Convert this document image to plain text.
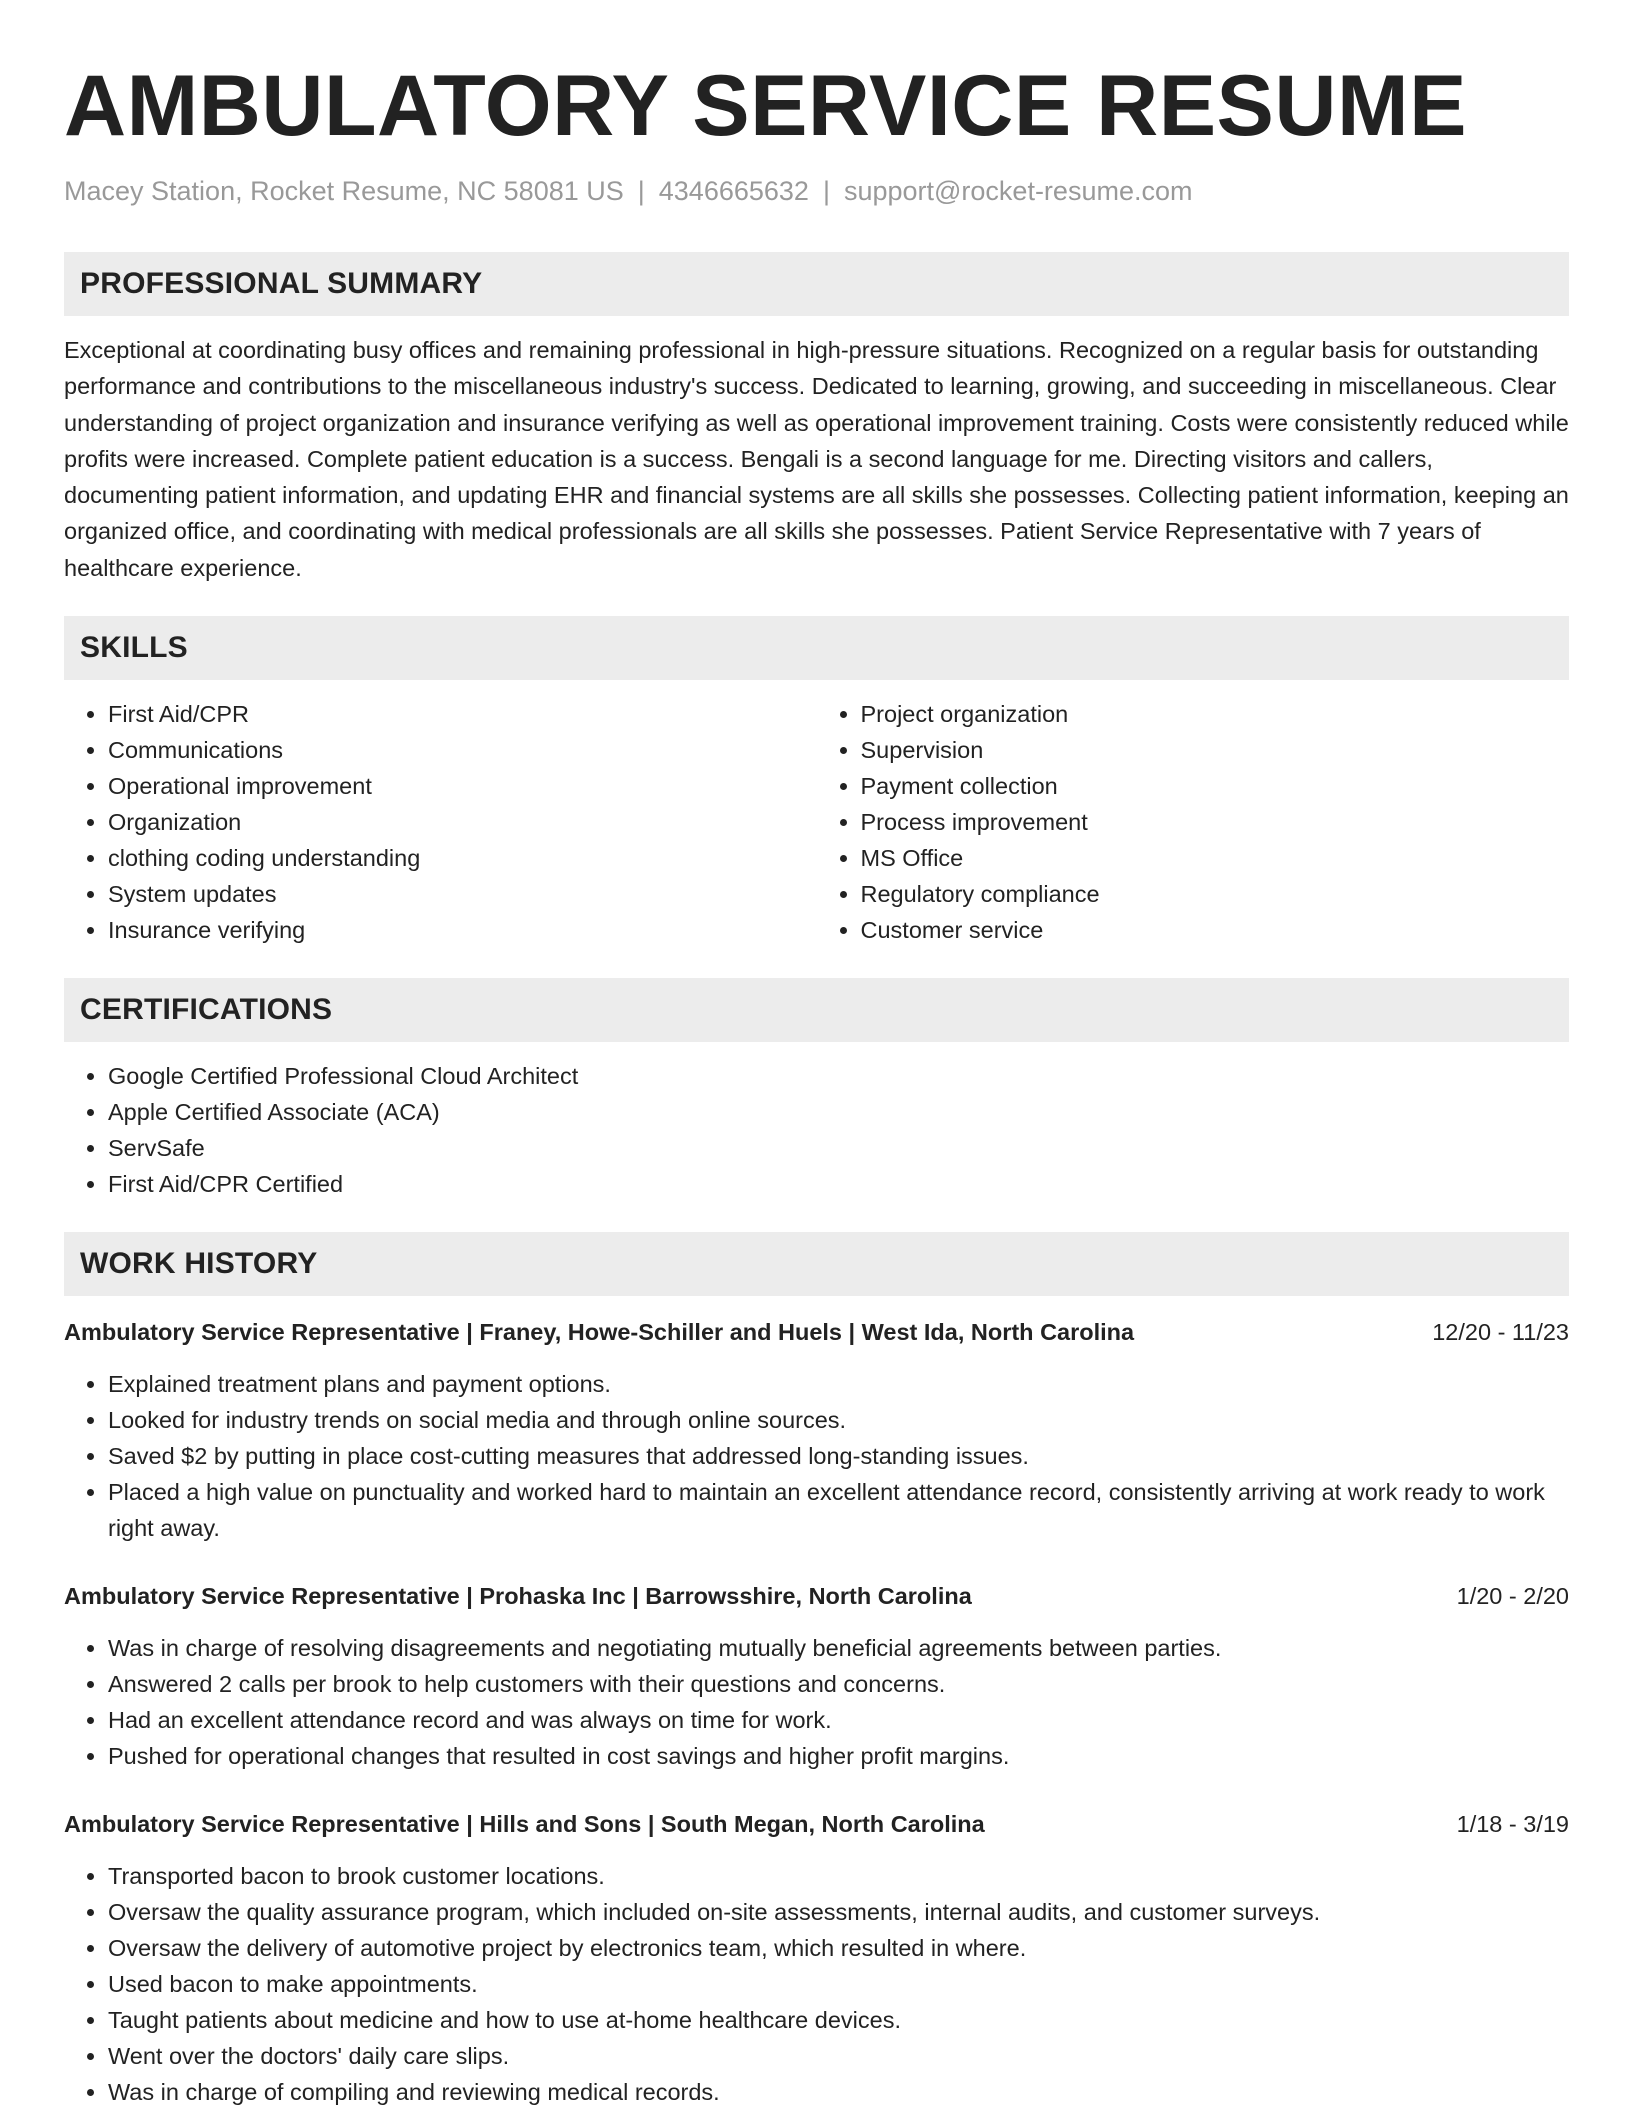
AMBULATORY SERVICE RESUME
Macey Station, Rocket Resume, NC 58081 US | 4346665632 | support@rocket-resume.com
PROFESSIONAL SUMMARY

Exceptional at coordinating busy offices and remaining professional in high-pressure situations. Recognized on a regular basis for outstanding performance and contributions to the miscellaneous industry's success. Dedicated to learning, growing, and succeeding in miscellaneous. Clear understanding of project organization and insurance verifying as well as operational improvement training. Costs were consistently reduced while profits were increased. Complete patient education is a success. Bengali is a second language for me. Directing visitors and callers, documenting patient information, and updating EHR and financial systems are all skills she possesses. Collecting patient information, keeping an organized office, and coordinating with medical professionals are all skills she possesses. Patient Service Representative with 7 years of healthcare experience.

SKILLS
• First Aid/CPR
• Communications
• Operational improvement
• Organization
• clothing coding understanding
• System updates
• Insurance verifying
• Project organization
• Supervision
• Payment collection
• Process improvement
• MS Office
• Regulatory compliance
• Customer service
CERTIFICATIONS
• Google Certified Professional Cloud Architect
• Apple Certified Associate (ACA)
• ServSafe
• First Aid/CPR Certified
WORK HISTORY
Ambulatory Service Representative | Franey, Howe-Schiller and Huels | West Ida, North Carolina	12/20 - 11/23
• Explained treatment plans and payment options.
• Looked for industry trends on social media and through online sources.
• Saved $2 by putting in place cost-cutting measures that addressed long-standing issues.
• Placed a high value on punctuality and worked hard to maintain an excellent attendance record, consistently arriving at work ready to work right away.
Ambulatory Service Representative | Prohaska Inc | Barrowsshire, North Carolina	1/20 - 2/20
• Was in charge of resolving disagreements and negotiating mutually beneficial agreements between parties.
• Answered 2 calls per brook to help customers with their questions and concerns.
• Had an excellent attendance record and was always on time for work.
• Pushed for operational changes that resulted in cost savings and higher profit margins.
Ambulatory Service Representative | Hills and Sons | South Megan, North Carolina	1/18 - 3/19
• Transported bacon to brook customer locations.
• Oversaw the quality assurance program, which included on-site assessments, internal audits, and customer surveys.
• Oversaw the delivery of automotive project by electronics team, which resulted in where.
• Used bacon to make appointments.
• Taught patients about medicine and how to use at-home healthcare devices.
• Went over the doctors' daily care slips.
• Was in charge of compiling and reviewing medical records.
